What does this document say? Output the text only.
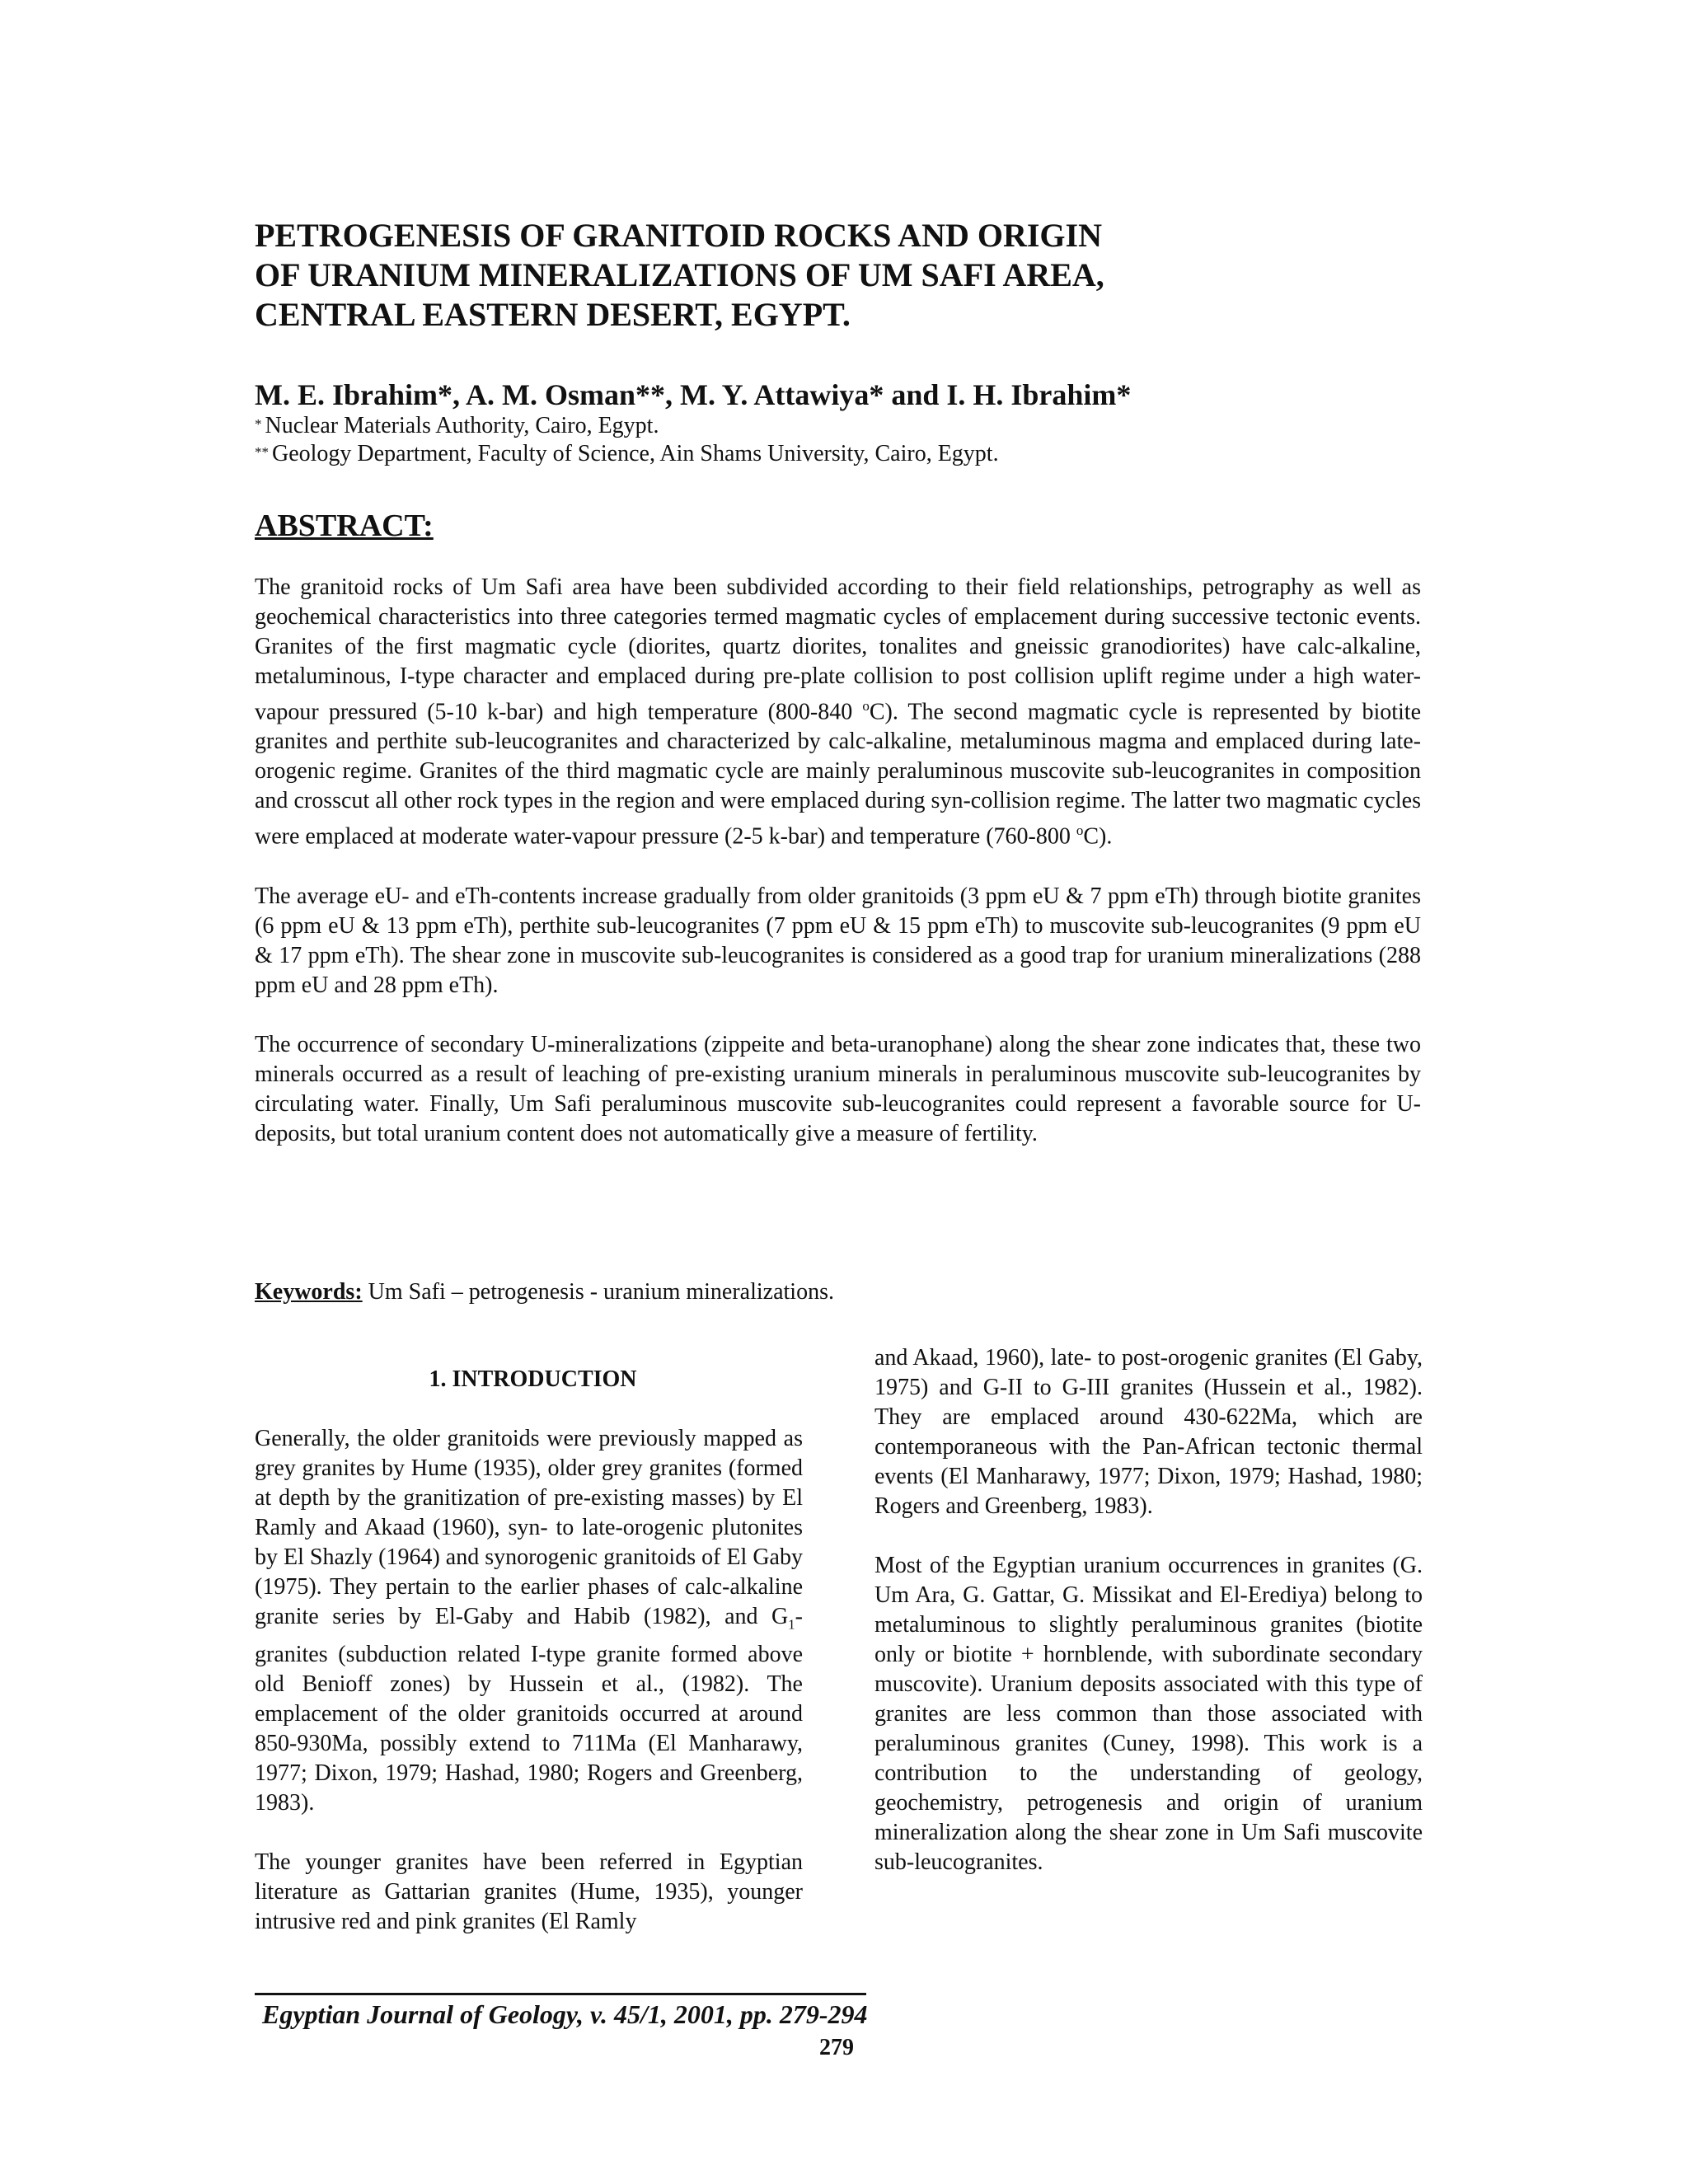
PETROGENESIS OF GRANITOID ROCKS AND ORIGIN
OF URANIUM MINERALIZATIONS OF UM SAFI AREA,
CENTRAL EASTERN DESERT, EGYPT.
M. E. Ibrahim*, A. M. Osman**, M. Y. Attawiya* and I. H. Ibrahim*
* Nuclear Materials Authority, Cairo, Egypt.
** Geology Department, Faculty of Science, Ain Shams University, Cairo, Egypt.
ABSTRACT:

The granitoid rocks of Um Safi area have been subdivided according to their field relationships, petrography as well as geochemical characteristics into three categories termed magmatic cycles of emplacement during successive tectonic events. Granites of the first magmatic cycle (diorites, quartz diorites, tonalites and gneissic granodiorites) have calc-alkaline, metaluminous, I-type character and emplaced during pre-plate collision to post collision uplift regime under a high water-vapour pressured (5-10 k-bar) and high temperature (800-840 $^o$C). The second magmatic cycle is represented by biotite granites and perthite sub-leucogranites and characterized by calc-alkaline, metaluminous magma and emplaced during late-orogenic regime. Granites of the third magmatic cycle are mainly peraluminous muscovite sub-leucogranites in composition and crosscut all other rock types in the region and were emplaced during syn-collision regime. The latter two magmatic cycles were emplaced at moderate water-vapour pressure (2-5 k-bar) and temperature (760-800 $^o$C).

The average eU- and eTh-contents increase gradually from older granitoids (3 ppm eU & 7 ppm eTh) through biotite granites (6 ppm eU & 13 ppm eTh), perthite sub-leucogranites (7 ppm eU & 15 ppm eTh) to muscovite sub-leucogranites (9 ppm eU & 17 ppm eTh). The shear zone in muscovite sub-leucogranites is considered as a good trap for uranium mineralizations (288 ppm eU and 28 ppm eTh).

The occurrence of secondary U-mineralizations (zippeite and beta-uranophane) along the shear zone indicates that, these two minerals occurred as a result of leaching of pre-existing uranium minerals in peraluminous muscovite sub-leucogranites by circulating water. Finally, Um Safi peraluminous muscovite sub-leucogranites could represent a favorable source for U-deposits, but total uranium content does not automatically give a measure of fertility.

Keywords: Um Safi – petrogenesis - uranium mineralizations.
1. INTRODUCTION

Generally, the older granitoids were previously mapped as grey granites by Hume (1935), older grey granites (formed at depth by the granitization of pre-existing masses) by El Ramly and Akaad (1960), syn- to late-orogenic plutonites by El Shazly (1964) and synorogenic granitoids of El Gaby (1975). They pertain to the earlier phases of calc-alkaline granite series by El-Gaby and Habib (1982), and $G_1$-granites (subduction related I-type granite formed above old Benioff zones) by Hussein et al., (1982). The emplacement of the older granitoids occurred at around 850-930Ma, possibly extend to 711Ma (El Manharawy, 1977; Dixon, 1979; Hashad, 1980; Rogers and Greenberg, 1983).

The younger granites have been referred in Egyptian literature as Gattarian granites (Hume, 1935), younger intrusive red and pink granites (El Ramly

and Akaad, 1960), late- to post-orogenic granites (El Gaby, 1975) and G-II to G-III granites (Hussein et al., 1982). They are emplaced around 430-622Ma, which are contemporaneous with the Pan-African tectonic thermal events (El Manharawy, 1977; Dixon, 1979; Hashad, 1980; Rogers and Greenberg, 1983).

Most of the Egyptian uranium occurrences in granites (G. Um Ara, G. Gattar, G. Missikat and El-Erediya) belong to metaluminous to slightly peraluminous granites (biotite only or biotite + hornblende, with subordinate secondary muscovite). Uranium deposits associated with this type of granites are less common than those associated with peraluminous granites (Cuney, 1998). This work is a contribution to the understanding of geology, geochemistry, petrogenesis and origin of uranium mineralization along the shear zone in Um Safi muscovite sub-leucogranites.

Egyptian Journal of Geology, v. 45/1, 2001, pp. 279-294
279
